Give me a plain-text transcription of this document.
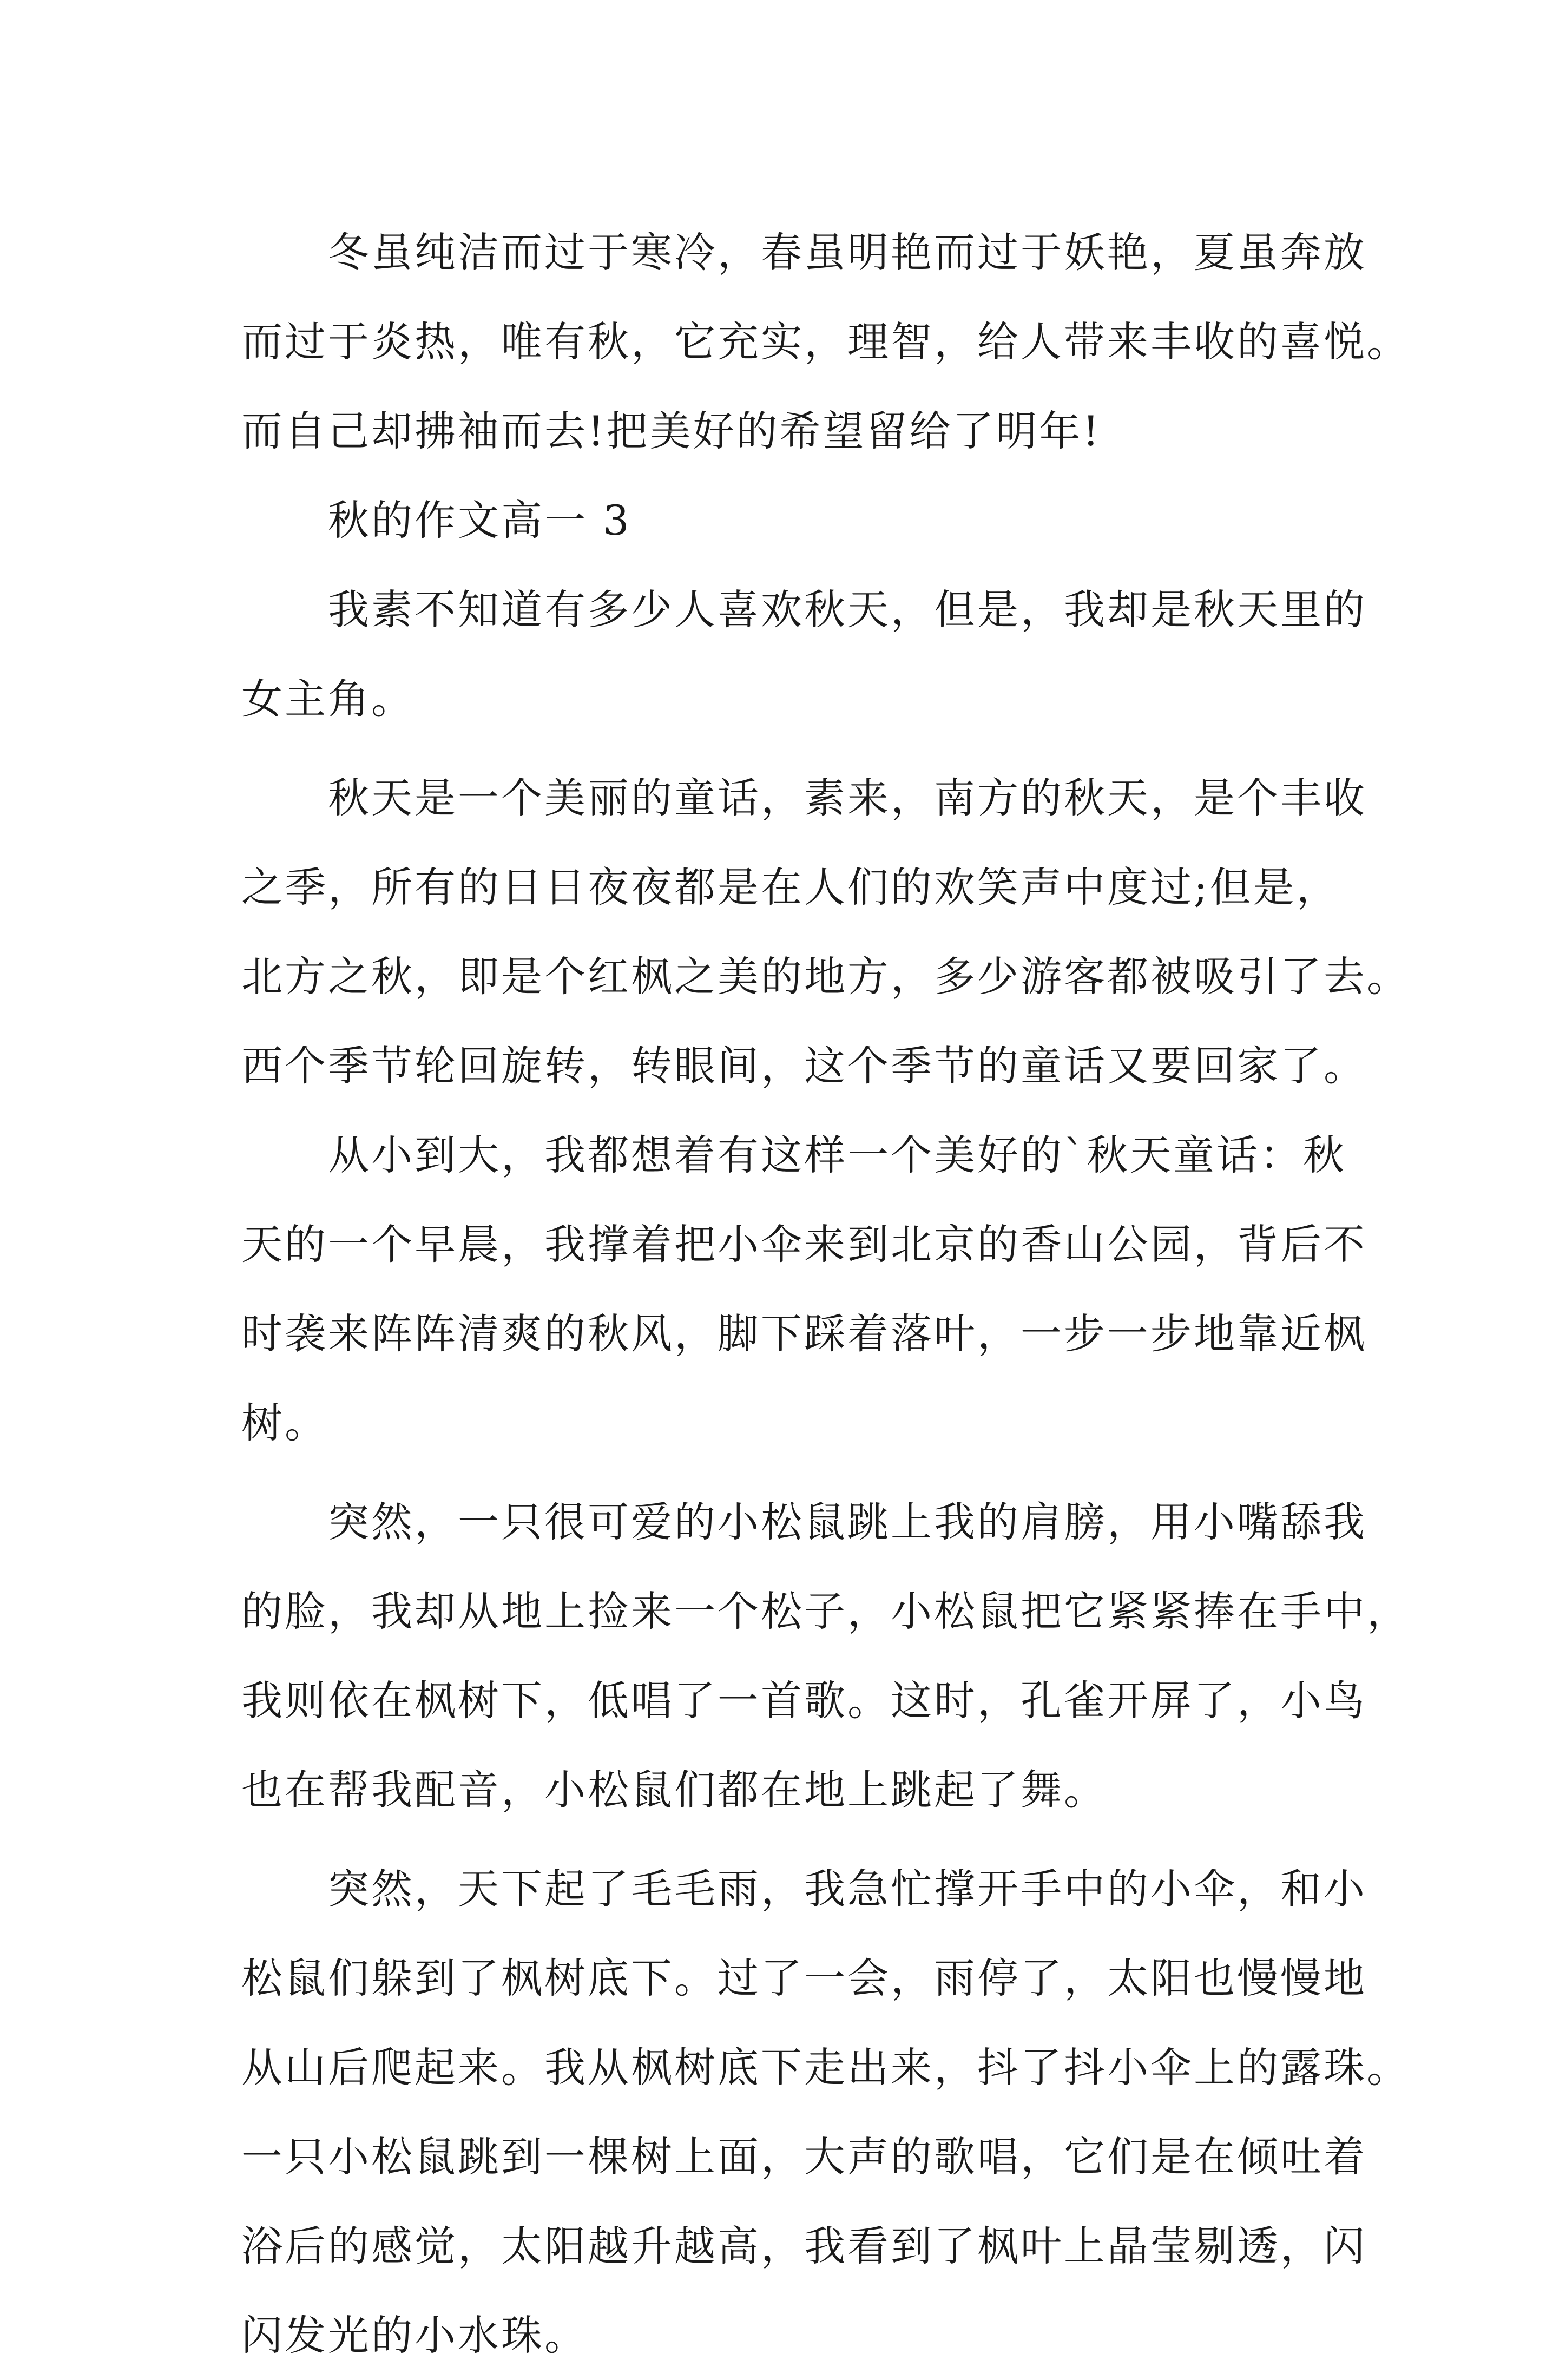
　　冬虽纯洁而过于寒冷，春虽明艳而过于妖艳，夏虽奔放
而过于炎热，唯有秋，它充实，理智，给人带来丰收的喜悦。
而自己却拂袖而去!把美好的希望留给了明年!
　　秋的作文高一 3
　　我素不知道有多少人喜欢秋天，但是，我却是秋天里的
女主角。
　　秋天是一个美丽的童话，素来，南方的秋天，是个丰收
之季，所有的日日夜夜都是在人们的欢笑声中度过;但是，
北方之秋，即是个红枫之美的地方，多少游客都被吸引了去。
西个季节轮回旋转，转眼间，这个季节的童话又要回家了。
　　从小到大，我都想着有这样一个美好的`秋天童话：秋
天的一个早晨，我撑着把小伞来到北京的香山公园，背后不
时袭来阵阵清爽的秋风，脚下踩着落叶，一步一步地靠近枫
树。
　　突然，一只很可爱的小松鼠跳上我的肩膀，用小嘴舔我
的脸，我却从地上捡来一个松子，小松鼠把它紧紧捧在手中，
我则依在枫树下，低唱了一首歌。这时，孔雀开屏了，小鸟
也在帮我配音，小松鼠们都在地上跳起了舞。
　　突然，天下起了毛毛雨，我急忙撑开手中的小伞，和小
松鼠们躲到了枫树底下。过了一会，雨停了，太阳也慢慢地
从山后爬起来。我从枫树底下走出来，抖了抖小伞上的露珠。
一只小松鼠跳到一棵树上面，大声的歌唱，它们是在倾吐着
浴后的感觉，太阳越升越高，我看到了枫叶上晶莹剔透，闪
闪发光的小水珠。
